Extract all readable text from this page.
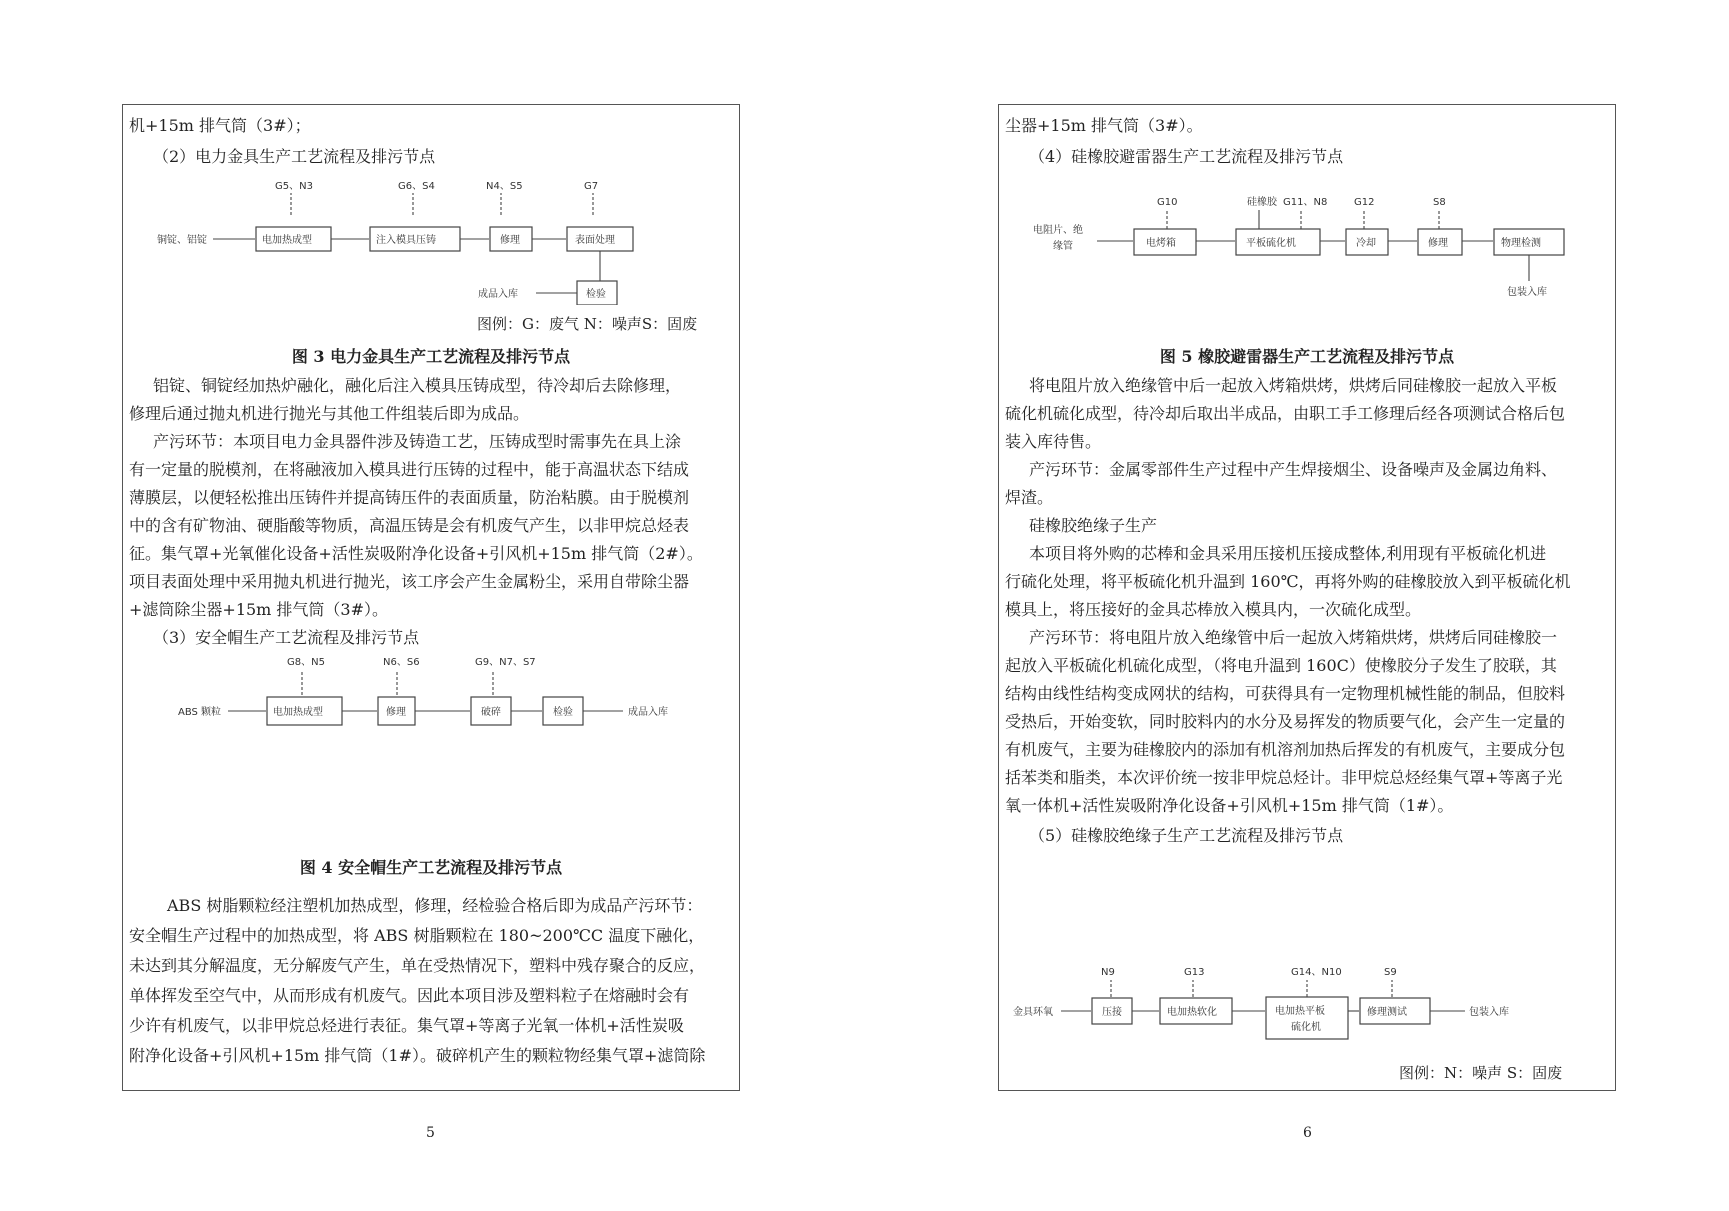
机+15m 排气筒（3#）；
（2）电力金具生产工艺流程及排污节点
G5、N3	G6、S4	N4、S5	G7
铜锭、铝锭	电加热成型	注入模具压铸	修理	表面处理
检验
成品入库
图例：G：废气 N：噪声S：固废
图 3 电力金具生产工艺流程及排污节点
铝锭、铜锭经加热炉融化，融化后注入模具压铸成型，待冷却后去除修理，
修理后通过抛丸机进行抛光与其他工件组装后即为成品。
产污环节：本项目电力金具器件涉及铸造工艺，压铸成型时需事先在具上涂
有一定量的脱模剂，在将融液加入模具进行压铸的过程中，能于高温状态下结成
薄膜层，以便轻松推出压铸件并提高铸压件的表面质量，防治粘膜。由于脱模剂
中的含有矿物油、硬脂酸等物质，高温压铸是会有机废气产生，以非甲烷总烃表
征。集气罩+光氧催化设备+活性炭吸附净化设备+引风机+15m 排气筒（2#）。
项目表面处理中采用抛丸机进行抛光，该工序会产生金属粉尘，采用自带除尘器
+滤筒除尘器+15m 排气筒（3#）。
（3）安全帽生产工艺流程及排污节点
G8、N5	N6、S6	G9、N7、S7
ABS 颗粒	电加热成型	修理	破碎	检验	成品入库
图 4 安全帽生产工艺流程及排污节点
ABS 树脂颗粒经注塑机加热成型，修理，经检验合格后即为成品产污环节：
安全帽生产过程中的加热成型，将 ABS 树脂颗粒在 180~200℃C 温度下融化，
未达到其分解温度，无分解废气产生，单在受热情况下，塑料中残存聚合的反应，
单体挥发至空气中，从而形成有机废气。因此本项目涉及塑料粒子在熔融时会有
少许有机废气，以非甲烷总烃进行表征。集气罩+等离子光氧一体机+活性炭吸
附净化设备+引风机+15m 排气筒（1#）。破碎机产生的颗粒物经集气罩+滤筒除
5
尘器+15m 排气筒（3#）。
（4）硅橡胶避雷器生产工艺流程及排污节点
G10	硅橡胶 G11、N8	G12	S8
电阻片、绝
缘管	电烤箱	平板硫化机	冷却	修理	物理检测
包装入库
图 5 橡胶避雷器生产工艺流程及排污节点
将电阻片放入绝缘管中后一起放入烤箱烘烤，烘烤后同硅橡胶一起放入平板
硫化机硫化成型，待冷却后取出半成品，由职工手工修理后经各项测试合格后包
装入库待售。
产污环节：金属零部件生产过程中产生焊接烟尘、设备噪声及金属边角料、
焊渣。
硅橡胶绝缘子生产
本项目将外购的芯棒和金具采用压接机压接成整体,利用现有平板硫化机进
行硫化处理，将平板硫化机升温到 160℃，再将外购的硅橡胶放入到平板硫化机
模具上，将压接好的金具芯棒放入模具内，一次硫化成型。
产污环节：将电阻片放入绝缘管中后一起放入烤箱烘烤，烘烤后同硅橡胶一
起放入平板硫化机硫化成型，（将电升温到 160C）使橡胶分子发生了胶联，其
结构由线性结构变成网状的结构，可获得具有一定物理机械性能的制品，但胶料
受热后，开始变软，同时胶料内的水分及易挥发的物质要气化，会产生一定量的
有机废气，主要为硅橡胶内的添加有机溶剂加热后挥发的有机废气，主要成分包
括苯类和脂类，本次评价统一按非甲烷总烃计。非甲烷总烃经集气罩+等离子光
氧一体机+活性炭吸附净化设备+引风机+15m 排气筒（1#）。
（5）硅橡胶绝缘子生产工艺流程及排污节点
N9	G13	G14、N10	S9
金具环氧	压接	电加热软化	电加热平板
硫化机
修理测试	包装入库
图例：N：噪声 S：固废
6
